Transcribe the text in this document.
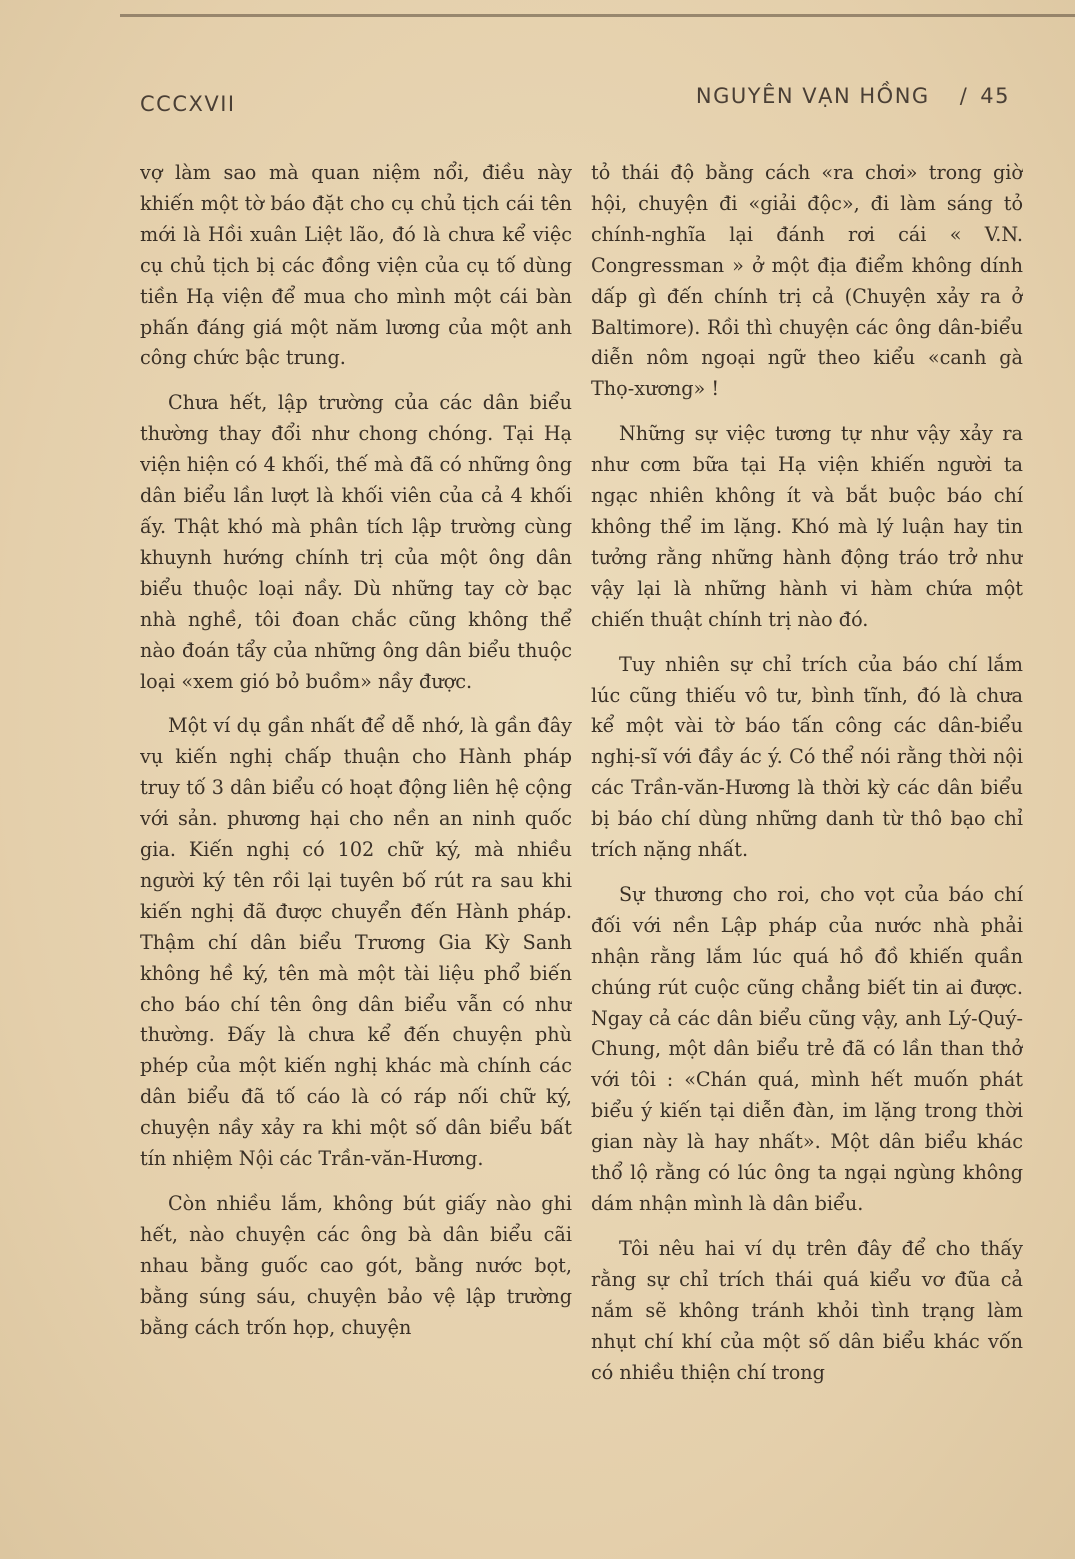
CCCXVII	NGUYÊN VẠN HỒNG / 45

vợ làm sao mà quan niệm nổi, điều này khiến một tờ báo đặt cho cụ chủ tịch cái tên mới là Hồi xuân Liệt lão, đó là chưa kể việc cụ chủ tịch bị các đồng viện của cụ tố dùng tiền Hạ viện để mua cho mình một cái bàn phấn đáng giá một năm lương của một anh công chức bậc trung.

Chưa hết, lập trường của các dân biểu thường thay đổi như chong chóng. Tại Hạ viện hiện có 4 khối, thế mà đã có những ông dân biểu lần lượt là khối viên của cả 4 khối ấy. Thật khó mà phân tích lập trường cùng khuynh hướng chính trị của một ông dân biểu thuộc loại nầy. Dù những tay cờ bạc nhà nghề, tôi đoan chắc cũng không thể nào đoán tẩy của những ông dân biểu thuộc loại «xem gió bỏ buồm» nầy được.

Một ví dụ gần nhất để dễ nhớ, là gần đây vụ kiến nghị chấp thuận cho Hành pháp truy tố 3 dân biểu có hoạt động liên hệ cộng với sản. phương hại cho nền an ninh quốc gia. Kiến nghị có 102 chữ ký, mà nhiều người ký tên rồi lại tuyên bố rút ra sau khi kiến nghị đã được chuyển đến Hành pháp. Thậm chí dân biểu Trương Gia Kỳ Sanh không hề ký, tên mà một tài liệu phổ biến cho báo chí tên ông dân biểu vẫn có như thường. Đấy là chưa kể đến chuyện phù phép của một kiến nghị khác mà chính các dân biểu đã tố cáo là có ráp nối chữ ký, chuyện nầy xảy ra khi một số dân biểu bất tín nhiệm Nội các Trần-văn-Hương.

Còn nhiều lắm, không bút giấy nào ghi hết, nào chuyện các ông bà dân biểu cãi nhau bằng guốc cao gót, bằng nước bọt, bằng súng sáu, chuyện bảo vệ lập trường bằng cách trốn họp, chuyện

tỏ thái độ bằng cách «ra chơi» trong giờ hội, chuyện đi «giải độc», đi làm sáng tỏ chính-nghĩa lại đánh rơi cái « V.N. Congressman » ở một địa điểm không dính dấp gì đến chính trị cả (Chuyện xảy ra ở Baltimore). Rồi thì chuyện các ông dân-biểu diễn nôm ngoại ngữ theo kiểu «canh gà Thọ-xương» !

Những sự việc tương tự như vậy xảy ra như cơm bữa tại Hạ viện khiến người ta ngạc nhiên không ít và bắt buộc báo chí không thể im lặng. Khó mà lý luận hay tin tưởng rằng những hành động tráo trở như vậy lại là những hành vi hàm chứa một chiến thuật chính trị nào đó.

Tuy nhiên sự chỉ trích của báo chí lắm lúc cũng thiếu vô tư, bình tĩnh, đó là chưa kể một vài tờ báo tấn công các dân-biểu nghị-sĩ với đầy ác ý. Có thể nói rằng thời nội các Trần-văn-Hương là thời kỳ các dân biểu bị báo chí dùng những danh từ thô bạo chỉ trích nặng nhất.

Sự thương cho roi, cho vọt của báo chí đối với nền Lập pháp của nước nhà phải nhận rằng lắm lúc quá hồ đồ khiến quần chúng rút cuộc cũng chẳng biết tin ai được. Ngay cả các dân biểu cũng vậy, anh Lý-Quý-Chung, một dân biểu trẻ đã có lần than thở với tôi : «Chán quá, mình hết muốn phát biểu ý kiến tại diễn đàn, im lặng trong thời gian này là hay nhất». Một dân biểu khác thổ lộ rằng có lúc ông ta ngại ngùng không dám nhận mình là dân biểu.

Tôi nêu hai ví dụ trên đây để cho thấy rằng sự chỉ trích thái quá kiểu vơ đũa cả nắm sẽ không tránh khỏi tình trạng làm nhụt chí khí của một số dân biểu khác vốn có nhiều thiện chí trong
